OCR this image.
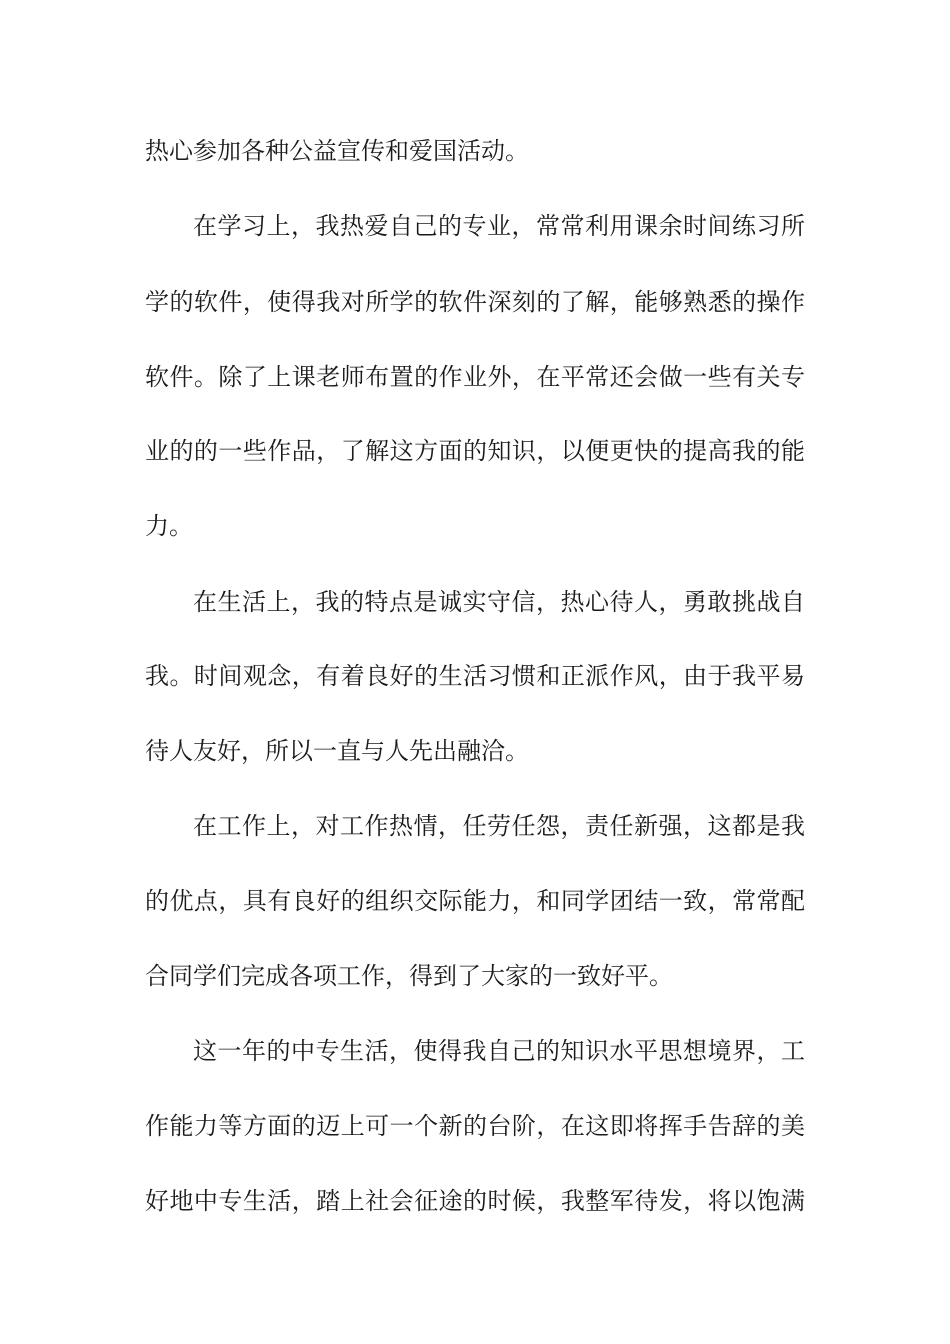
热心参加各种公益宣传和爱国活动。
在学习上，我热爱自己的专业，常常利用课余时间练习所
学的软件，使得我对所学的软件深刻的了解，能够熟悉的操作
软件。除了上课老师布置的作业外，在平常还会做一些有关专
业的的一些作品，了解这方面的知识，以便更快的提高我的能
力。
在生活上，我的特点是诚实守信，热心待人，勇敢挑战自
我。时间观念，有着良好的生活习惯和正派作风，由于我平易
待人友好，所以一直与人先出融洽。
在工作上，对工作热情，任劳任怨，责任新强，这都是我
的优点，具有良好的组织交际能力，和同学团结一致，常常配
合同学们完成各项工作，得到了大家的一致好平。
这一年的中专生活，使得我自己的知识水平思想境界，工
作能力等方面的迈上可一个新的台阶，在这即将挥手告辞的美
好地中专生活，踏上社会征途的时候，我整军待发，将以饱满
